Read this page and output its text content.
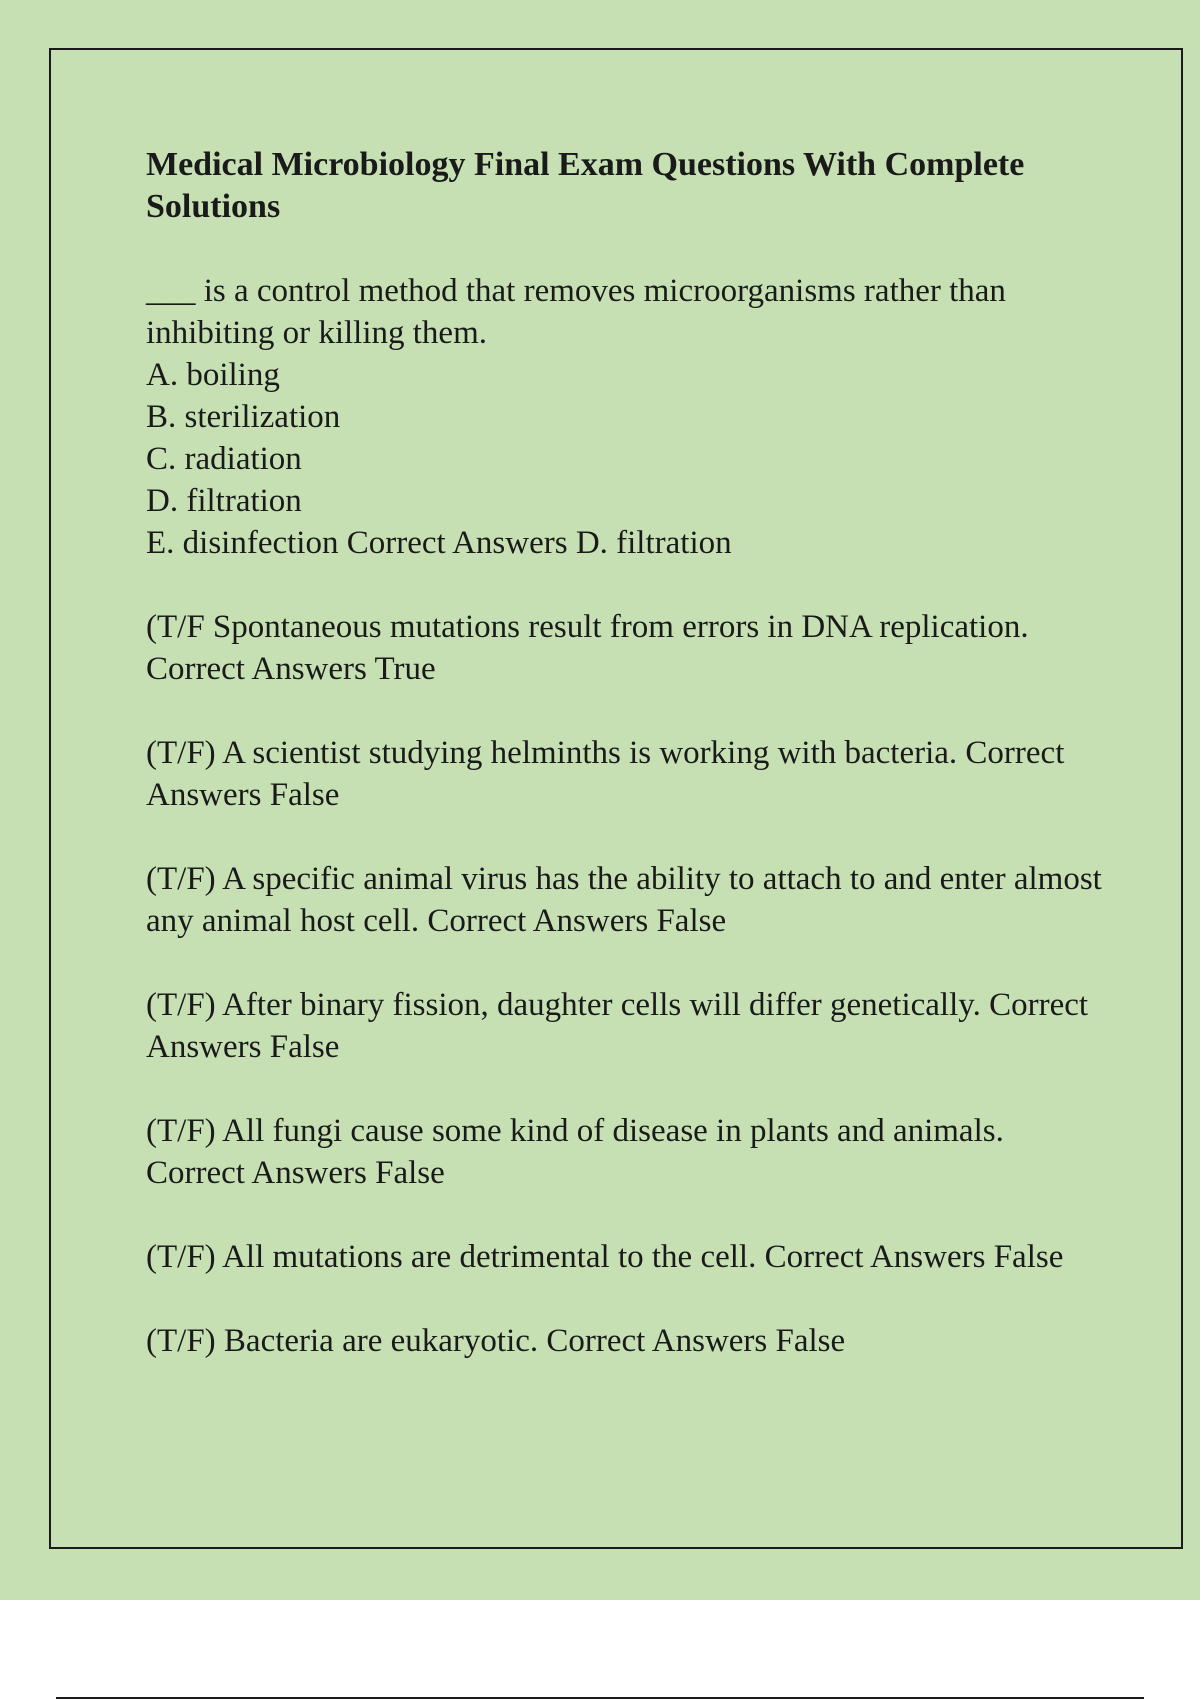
Medical Microbiology Final Exam Questions With Complete Solutions
___ is a control method that removes microorganisms rather than inhibiting or killing them.
A. boiling
B. sterilization
C. radiation
D. filtration
E. disinfection Correct Answers D. filtration
(T/F Spontaneous mutations result from errors in DNA replication. Correct Answers True
(T/F) A scientist studying helminths is working with bacteria. Correct Answers False
(T/F) A specific animal virus has the ability to attach to and enter almost any animal host cell. Correct Answers False
(T/F) After binary fission, daughter cells will differ genetically. Correct Answers False
(T/F) All fungi cause some kind of disease in plants and animals. Correct Answers False
(T/F) All mutations are detrimental to the cell. Correct Answers False
(T/F) Bacteria are eukaryotic. Correct Answers False
